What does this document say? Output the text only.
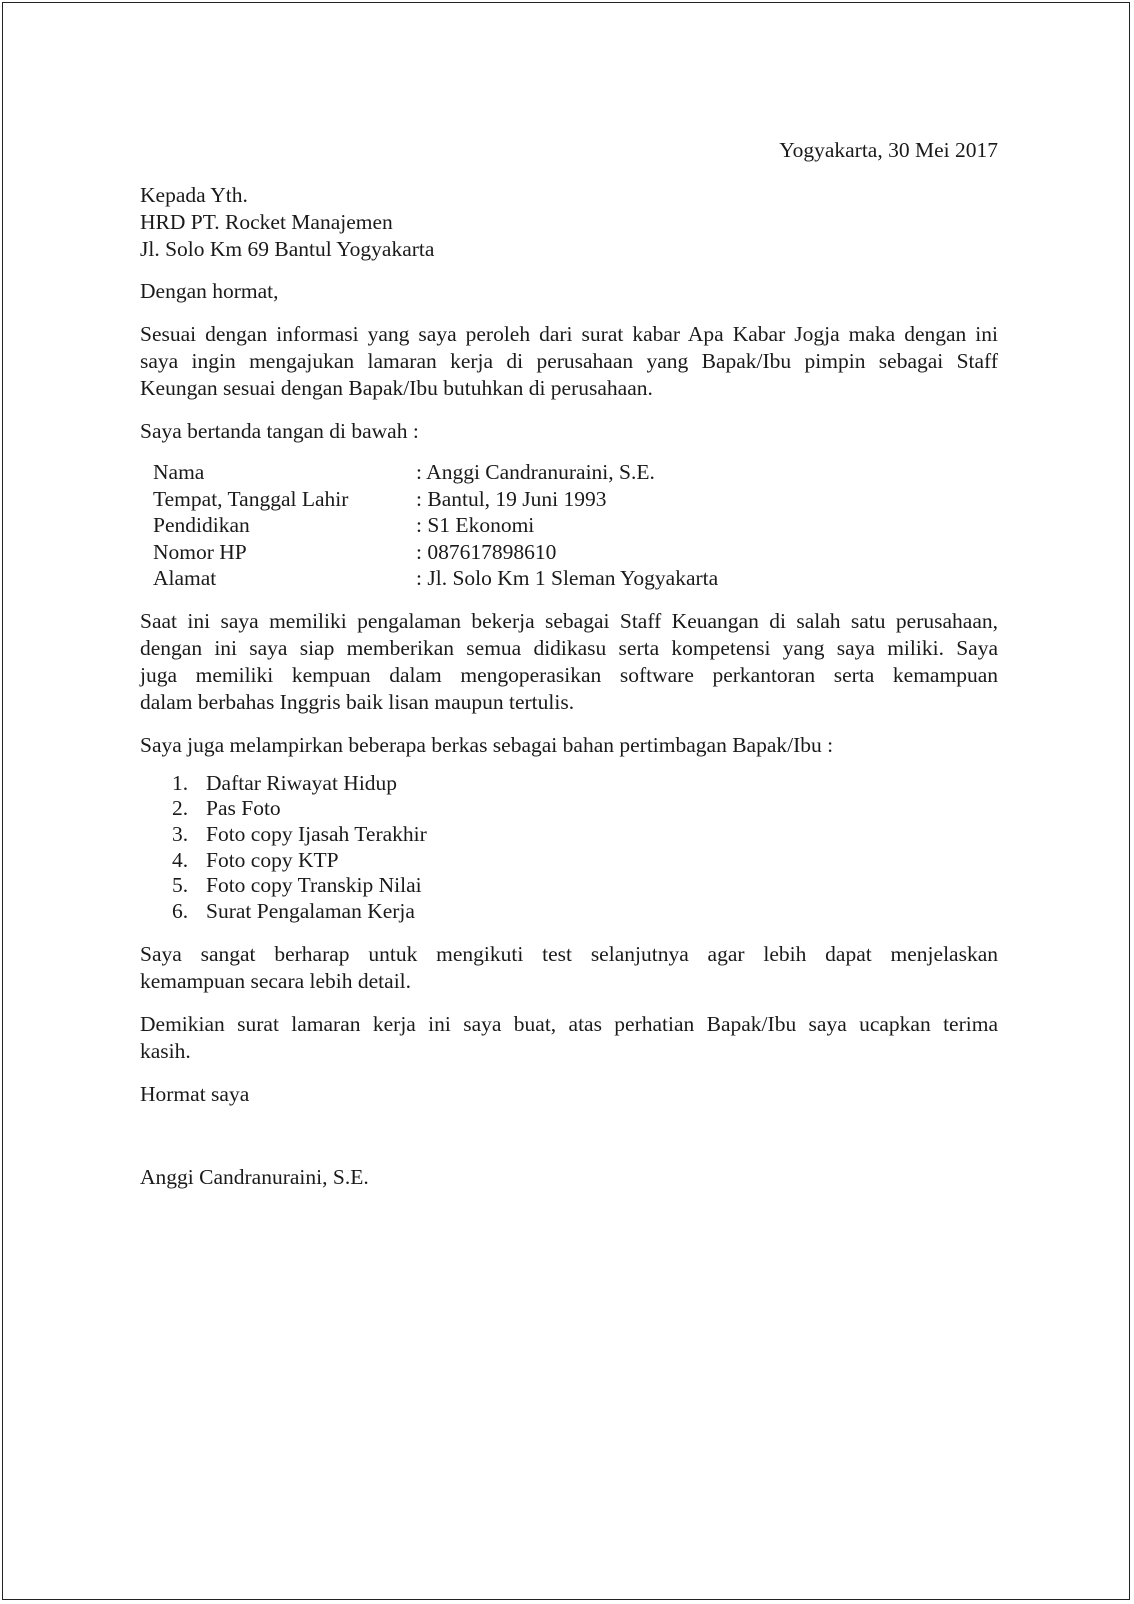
Yogyakarta, 30 Mei 2017
Kepada Yth.
HRD PT. Rocket Manajemen
Jl. Solo Km 69 Bantul Yogyakarta

Dengan hormat,

Sesuai dengan informasi yang saya peroleh dari surat kabar Apa Kabar Jogja maka dengan ini
saya ingin mengajukan lamaran kerja di perusahaan yang Bapak/Ibu pimpin sebagai Staff
Keungan sesuai dengan Bapak/Ibu butuhkan di perusahaan.

Saya bertanda tangan di bawah :

Nama	: Anggi Candranuraini, S.E.
Tempat, Tanggal Lahir	: Bantul, 19 Juni 1993
Pendidikan	: S1 Ekonomi
Nomor HP	: 087617898610
Alamat	: Jl. Solo Km 1 Sleman Yogyakarta

Saat ini saya memiliki pengalaman bekerja sebagai Staff Keuangan di salah satu perusahaan,
dengan ini saya siap memberikan semua didikasu serta kompetensi yang saya miliki. Saya
juga memiliki kempuan dalam mengoperasikan software perkantoran serta kemampuan
dalam berbahas Inggris baik lisan maupun tertulis.

Saya juga melampirkan beberapa berkas sebagai bahan pertimbagan Bapak/Ibu :

1. Daftar Riwayat Hidup
2. Pas Foto
3. Foto copy Ijasah Terakhir
4. Foto copy KTP
5. Foto copy Transkip Nilai
6. Surat Pengalaman Kerja

Saya sangat berharap untuk mengikuti test selanjutnya agar lebih dapat menjelaskan
kemampuan secara lebih detail.

Demikian surat lamaran kerja ini saya buat, atas perhatian Bapak/Ibu saya ucapkan terima
kasih.

Hormat saya

Anggi Candranuraini, S.E.
